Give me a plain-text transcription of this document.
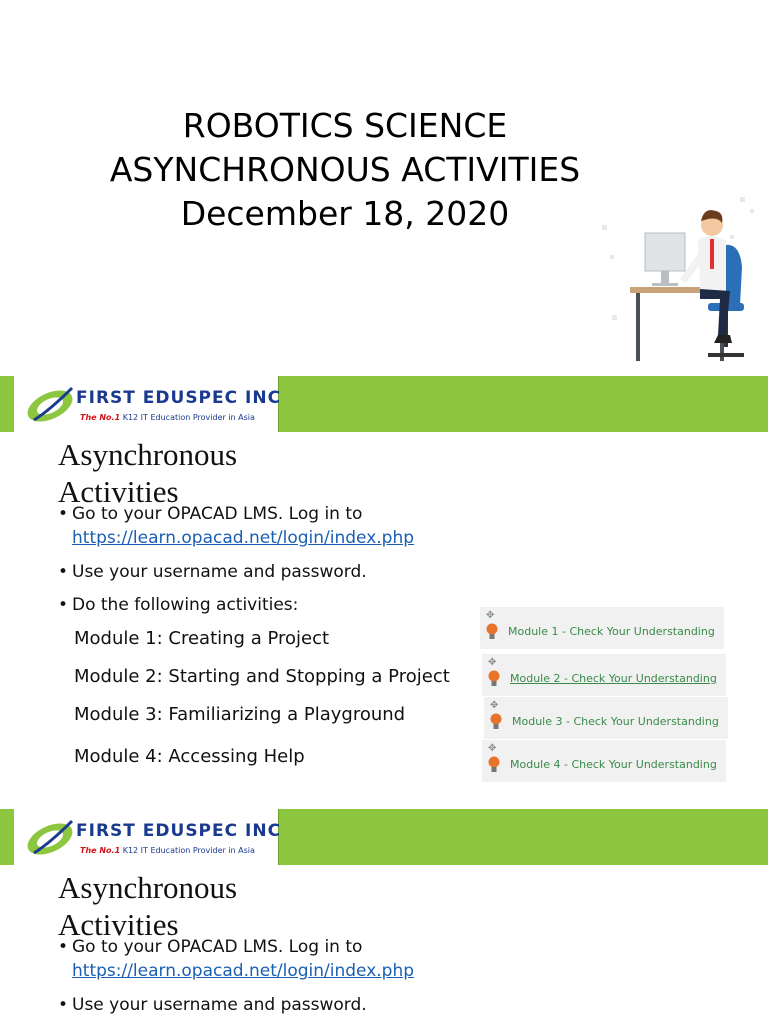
ROBOTICS SCIENCE
ASYNCHRONOUS ACTIVITIES
December 18, 2020
FIRST EDUSPEC INC
The No.1 K12 IT Education Provider in Asia
Asynchronous
Activities
• Go to your OPACAD LMS. Log in to
https://learn.opacad.net/login/index.php
• Use your username and password.
• Do the following activities:
Module 1: Creating a Project
Module 2: Starting and Stopping a Project
Module 3: Familiarizing a Playground
Module 4: Accessing Help
✥
Module 1 - Check Your Understanding
✥
Module 2 - Check Your Understanding
✥
Module 3 - Check Your Understanding
✥
Module 4 - Check Your Understanding
FIRST EDUSPEC INC
The No.1 K12 IT Education Provider in Asia
Asynchronous
Activities
• Go to your OPACAD LMS. Log in to
https://learn.opacad.net/login/index.php
• Use your username and password.
